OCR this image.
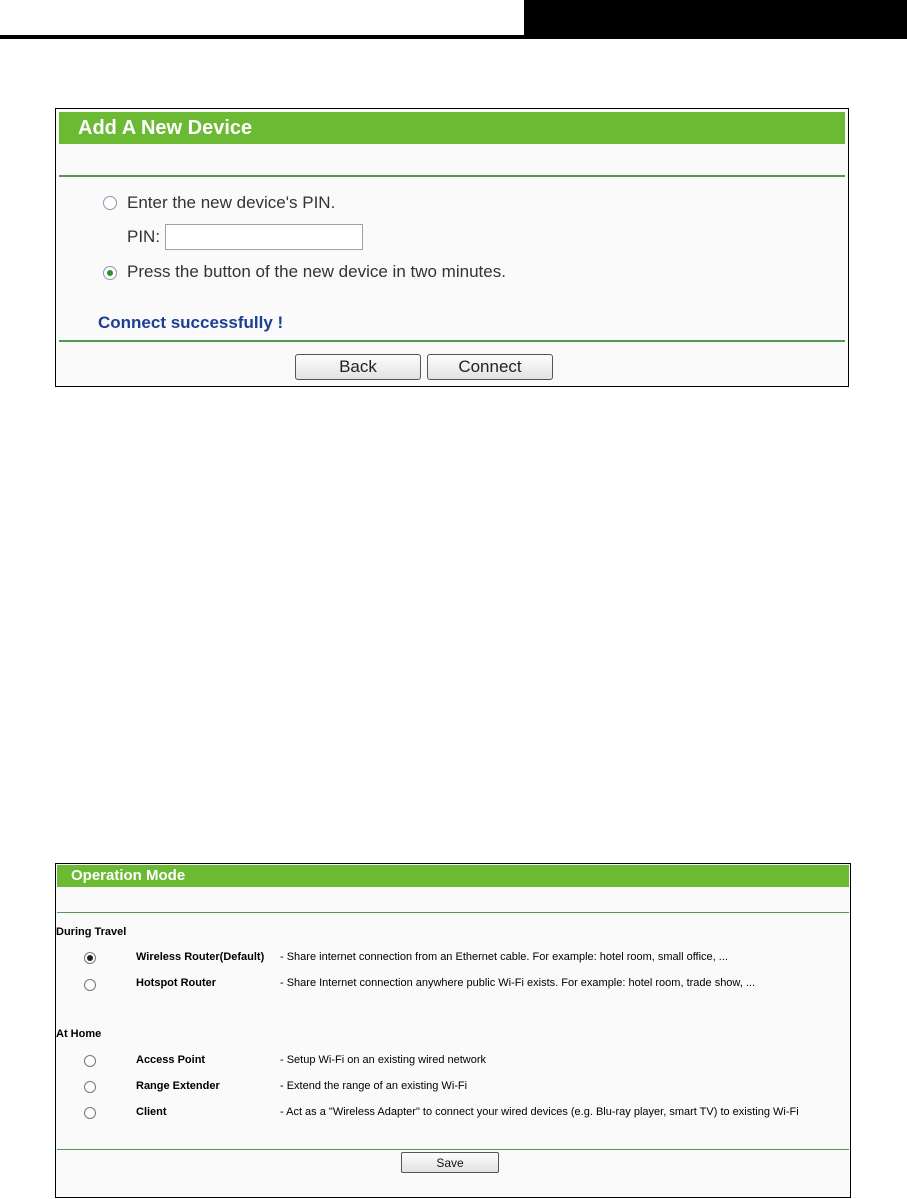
Add A New Device
Enter the new device's PIN.
PIN:
Press the button of the new device in two minutes.
Connect successfully !
Back	Connect
Operation Mode
During Travel
Wireless Router(Default) - Share internet connection from an Ethernet cable. For example: hotel room, small office, ...
Hotspot Router	- Share Internet connection anywhere public Wi-Fi exists. For example: hotel room, trade show, ...
At Home
Access Point	- Setup Wi-Fi on an existing wired network
Range Extender	- Extend the range of an existing Wi-Fi
Client	- Act as a "Wireless Adapter" to connect your wired devices (e.g. Blu-ray player, smart TV) to existing Wi-Fi
Save
